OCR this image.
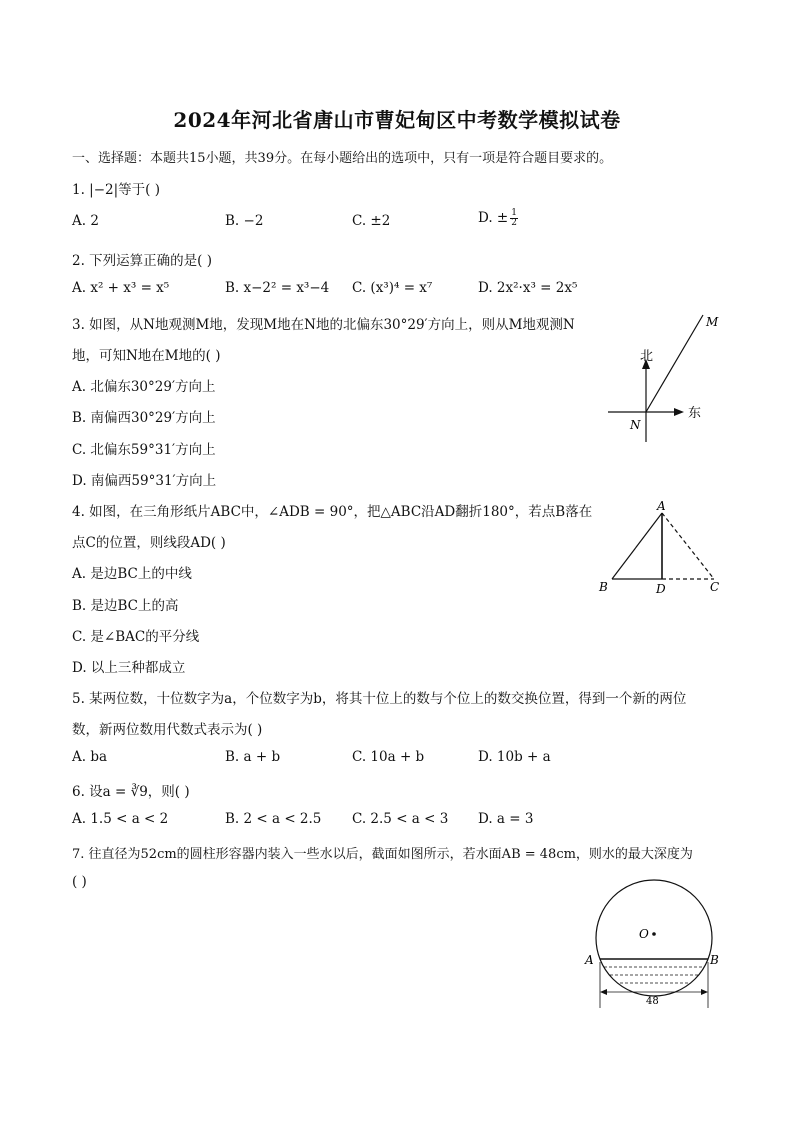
2024年河北省唐山市曹妃甸区中考数学模拟试卷
一、选择题：本题共15小题，共39分。在每小题给出的选项中，只有一项是符合题目要求的。
1. |−2|等于( )
A. 2	B. −2	C. ±2	D. ± $\frac{1}{2}$
2. 下列运算正确的是( )
A. x² + x³ = x⁵	B. x−2² = x³−4 C. (x³)⁴ = x⁷	D. 2x²·x³ = 2x⁵
3. 如图，从N地观测M地，发现M地在N地的北偏东30°29′方向上，则从M地观测N
地，可知N地在M地的( )
A. 北偏东30°29′方向上
B. 南偏西30°29′方向上
C. 北偏东59°31′方向上
D. 南偏西59°31′方向上
北
东
M
N
4. 如图，在三角形纸片ABC中，∠ADB = 90°，把△ABC沿AD翻折180°，若点B落在
点C的位置，则线段AD( )
A. 是边BC上的中线
B. 是边BC上的高
C. 是∠BAC的平分线
D. 以上三种都成立
A
B	D	C
5. 某两位数，十位数字为a，个位数字为b，将其十位上的数与个位上的数交换位置，得到一个新的两位
数，新两位数用代数式表示为( )
A. ba	B. a + b	C. 10a + b	D. 10b + a
6. 设a = ∛9，则( )
A. 1.5 < a < 2	B. 2 < a < 2.5 C. 2.5 < a < 3 D. a = 3
7. 往直径为52cm的圆柱形容器内装入一些水以后，截面如图所示，若水面AB = 48cm，则水的最大深度为
( )
O
48
A	B
